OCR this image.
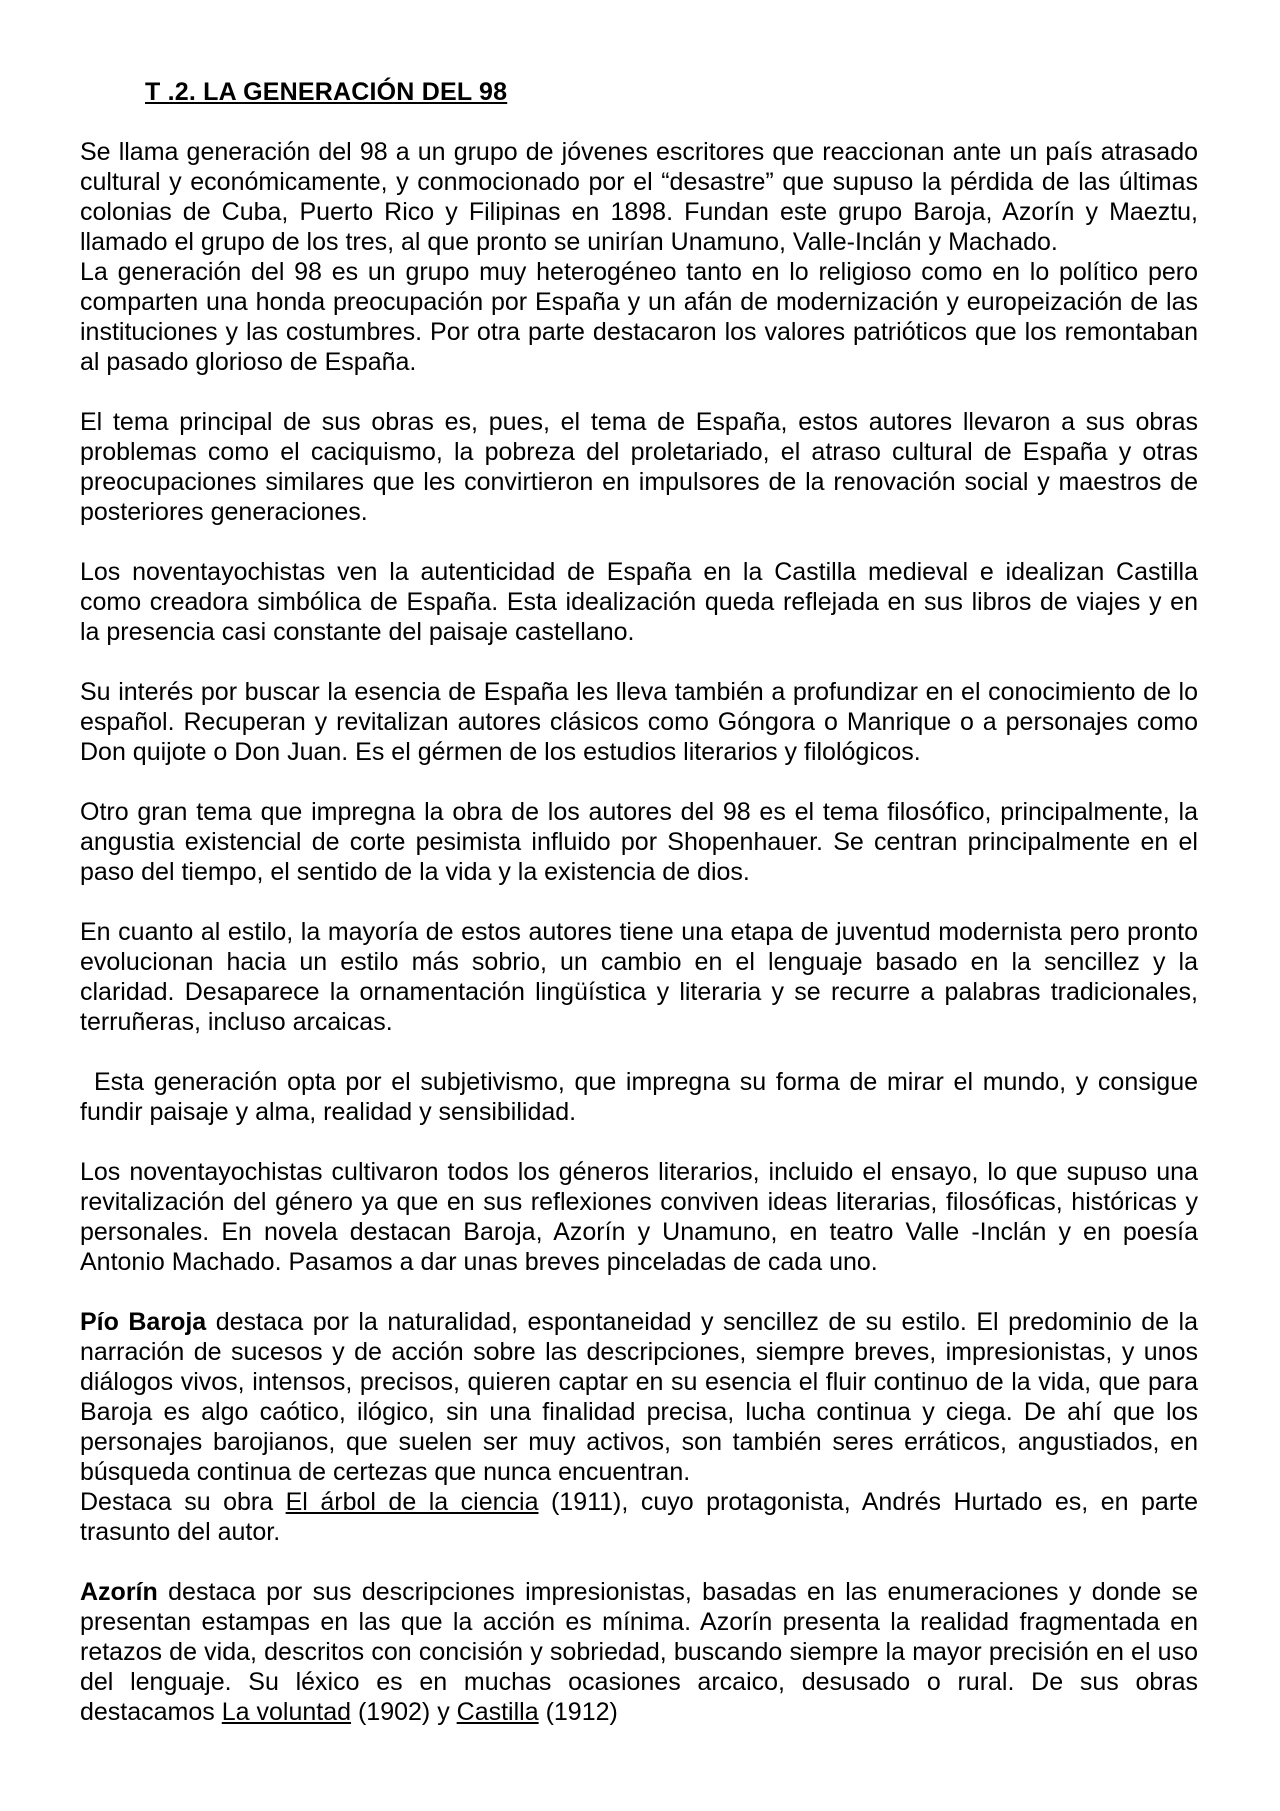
T .2. LA GENERACIÓN DEL 98

Se llama generación del 98 a un grupo de jóvenes escritores que reaccionan ante un país atrasado cultural y económicamente, y conmocionado por el “desastre” que supuso la pérdida de las últimas colonias de Cuba, Puerto Rico y Filipinas en 1898. Fundan este grupo Baroja, Azorín y Maeztu, llamado el grupo de los tres, al que pronto se unirían Unamuno, Valle-Inclán y Machado.

La generación del 98 es un grupo muy heterogéneo tanto en lo religioso como en lo político pero comparten una honda preocupación por España y un afán de modernización y europeización de las instituciones y las costumbres. Por otra parte destacaron los valores patrióticos que los remontaban al pasado glorioso de España.

El tema principal de sus obras es, pues, el tema de España, estos autores llevaron a sus obras problemas como el caciquismo, la pobreza del proletariado, el atraso cultural de España y otras preocupaciones similares que les convirtieron en impulsores de la renovación social y maestros de posteriores generaciones.

Los noventayochistas ven la autenticidad de España en la Castilla medieval e idealizan Castilla como creadora simbólica de España. Esta idealización queda reflejada en sus libros de viajes y en la presencia casi constante del paisaje castellano.

Su interés por buscar la esencia de España les lleva también a profundizar en el conocimiento de lo español. Recuperan y revitalizan autores clásicos como Góngora o Manrique o a personajes como Don quijote o Don Juan. Es el gérmen de los estudios literarios y filológicos.

Otro gran tema que impregna la obra de los autores del 98 es el tema filosófico, principalmente, la angustia existencial de corte pesimista influido por Shopenhauer. Se centran principalmente en el paso del tiempo, el sentido de la vida y la existencia de dios.

En cuanto al estilo, la mayoría de estos autores tiene una etapa de juventud modernista pero pronto evolucionan hacia un estilo más sobrio, un cambio en el lenguaje basado en la sencillez y la claridad. Desaparece la ornamentación lingüística y literaria y se recurre a palabras tradicionales, terruñeras, incluso arcaicas.

Esta generación opta por el subjetivismo, que impregna su forma de mirar el mundo, y consigue fundir paisaje y alma, realidad y sensibilidad.

Los noventayochistas cultivaron todos los géneros literarios, incluido el ensayo, lo que supuso una revitalización del género ya que en sus reflexiones conviven ideas literarias, filosóficas, históricas y personales. En novela destacan Baroja, Azorín y Unamuno, en teatro Valle -Inclán y en poesía Antonio Machado. Pasamos a dar unas breves pinceladas de cada uno.

Pío Baroja destaca por la naturalidad, espontaneidad y sencillez de su estilo. El predominio de la narración de sucesos y de acción sobre las descripciones, siempre breves, impresionistas, y unos diálogos vivos, intensos, precisos, quieren captar en su esencia el fluir continuo de la vida, que para Baroja es algo caótico, ilógico, sin una finalidad precisa, lucha continua y ciega. De ahí que los personajes barojianos, que suelen ser muy activos, son también seres erráticos, angustiados, en búsqueda continua de certezas que nunca encuentran.

Destaca su obra El árbol de la ciencia (1911), cuyo protagonista, Andrés Hurtado es, en parte trasunto del autor.

Azorín destaca por sus descripciones impresionistas, basadas en las enumeraciones y donde se presentan estampas en las que la acción es mínima. Azorín presenta la realidad fragmentada en retazos de vida, descritos con concisión y sobriedad, buscando siempre la mayor precisión en el uso del lenguaje. Su léxico es en muchas ocasiones arcaico, desusado o rural. De sus obras destacamos La voluntad (1902) y Castilla (1912)
